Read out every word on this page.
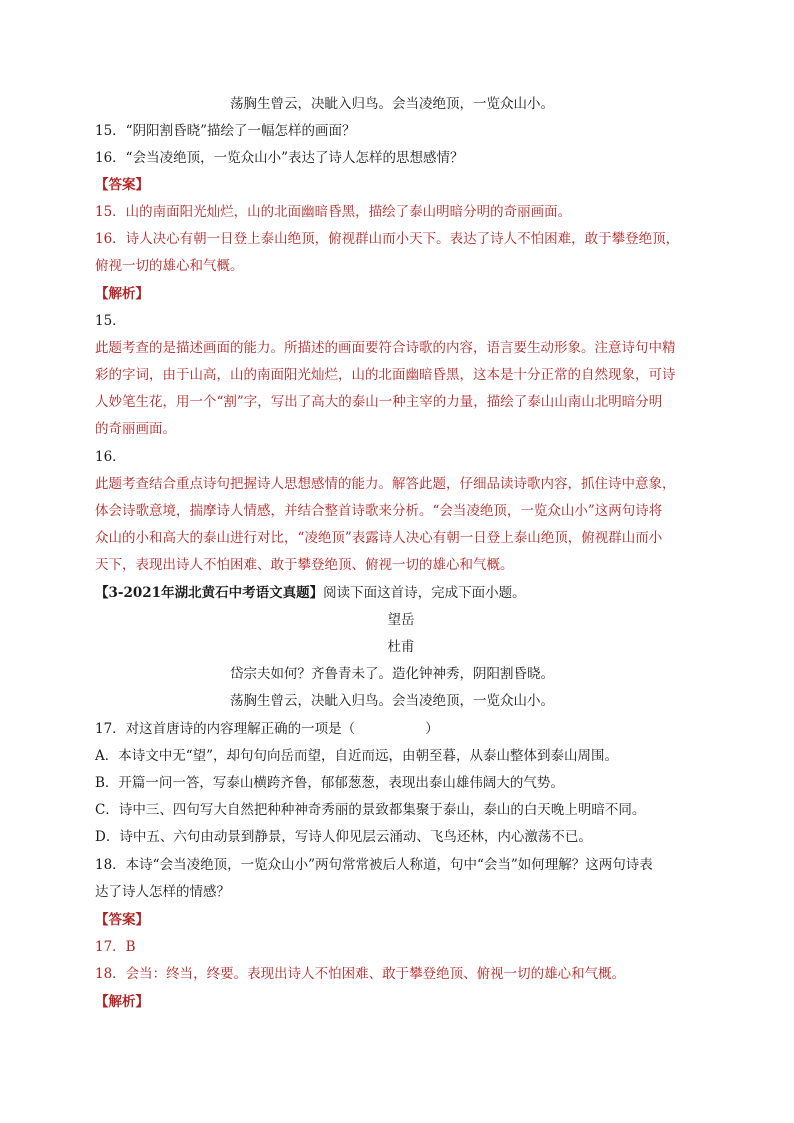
荡胸生曾云，决眦入归鸟。会当凌绝顶，一览众山小。
15．“阴阳割昏晓”描绘了一幅怎样的画面？
16．“会当凌绝顶，一览众山小”表达了诗人怎样的思想感情？
【答案】
15．山的南面阳光灿烂，山的北面幽暗昏黑，描绘了泰山明暗分明的奇丽画面。
16．诗人决心有朝一日登上泰山绝顶，俯视群山而小天下。表达了诗人不怕困难，敢于攀登绝顶，
俯视一切的雄心和气概。
【解析】
15．
此题考查的是描述画面的能力。所描述的画面要符合诗歌的内容，语言要生动形象。注意诗句中精
彩的字词，由于山高，山的南面阳光灿烂，山的北面幽暗昏黑，这本是十分正常的自然现象，可诗
人妙笔生花，用一个“割”字，写出了高大的泰山一种主宰的力量，描绘了泰山山南山北明暗分明
的奇丽画面。
16．
此题考查结合重点诗句把握诗人思想感情的能力。解答此题，仔细品读诗歌内容，抓住诗中意象，
体会诗歌意境，揣摩诗人情感，并结合整首诗歌来分析。“会当凌绝顶，一览众山小”这两句诗将
众山的小和高大的泰山进行对比，“凌绝顶”表露诗人决心有朝一日登上泰山绝顶，俯视群山而小
天下，表现出诗人不怕困难、敢于攀登绝顶、俯视一切的雄心和气概。
【3-2021年湖北黄石中考语文真题】阅读下面这首诗，完成下面小题。
望岳
杜甫
岱宗夫如何？齐鲁青未了。造化钟神秀，阴阳割昏晓。
荡胸生曾云，决眦入归鸟。会当凌绝顶，一览众山小。
17．对这首唐诗的内容理解正确的一项是（	）
A．本诗文中无“望”，却句句向岳而望，自近而远，由朝至暮，从泰山整体到泰山周围。
B．开篇一问一答，写泰山横跨齐鲁，郁郁葱葱，表现出泰山雄伟阔大的气势。
C．诗中三、四句写大自然把种种神奇秀丽的景致都集聚于泰山，泰山的白天晚上明暗不同。
D．诗中五、六句由动景到静景，写诗人仰见层云涌动、飞鸟还林，内心激荡不已。
18．本诗“会当凌绝顶，一览众山小”两句常常被后人称道，句中“会当”如何理解？这两句诗表
达了诗人怎样的情感？
【答案】
17．B
18．会当：终当，终要。表现出诗人不怕困难、敢于攀登绝顶、俯视一切的雄心和气概。
【解析】
